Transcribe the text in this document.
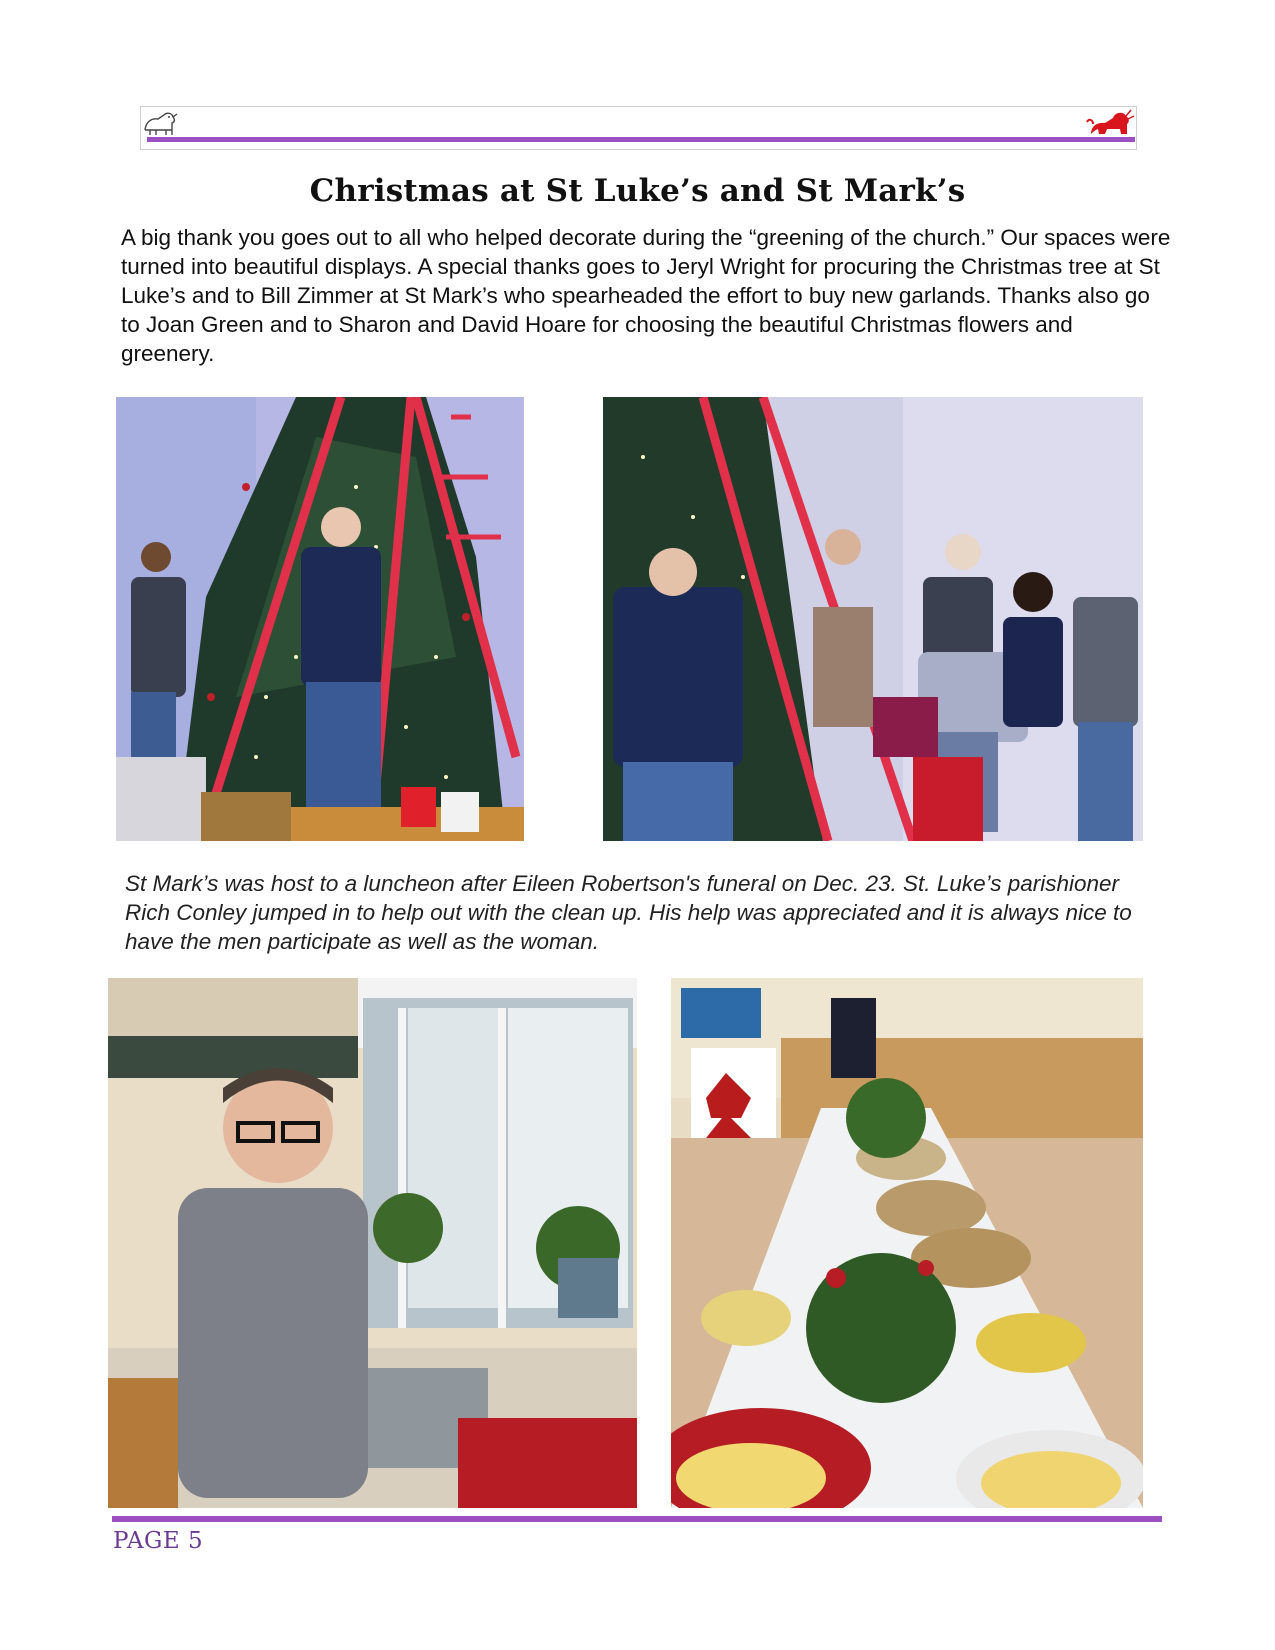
Christmas at St Luke’s and St Mark’s

A big thank you goes out to all who helped decorate during the “greening of the church.” Our spaces were turned into beautiful displays. A special thanks goes to Jeryl Wright for procuring the Christmas tree at St Luke’s and to Bill Zimmer at St Mark’s who spearheaded the effort to buy new garlands. Thanks also go to Joan Green and to Sharon and David Hoare for choosing the beautiful Christmas flowers and greenery.

St Mark’s was host to a luncheon after Eileen Robertson's funeral on Dec. 23. St. Luke’s parishioner Rich Conley jumped in to help out with the clean up. His help was appreciated and it is always nice to have the men participate as well as the woman.

PAGE 5
